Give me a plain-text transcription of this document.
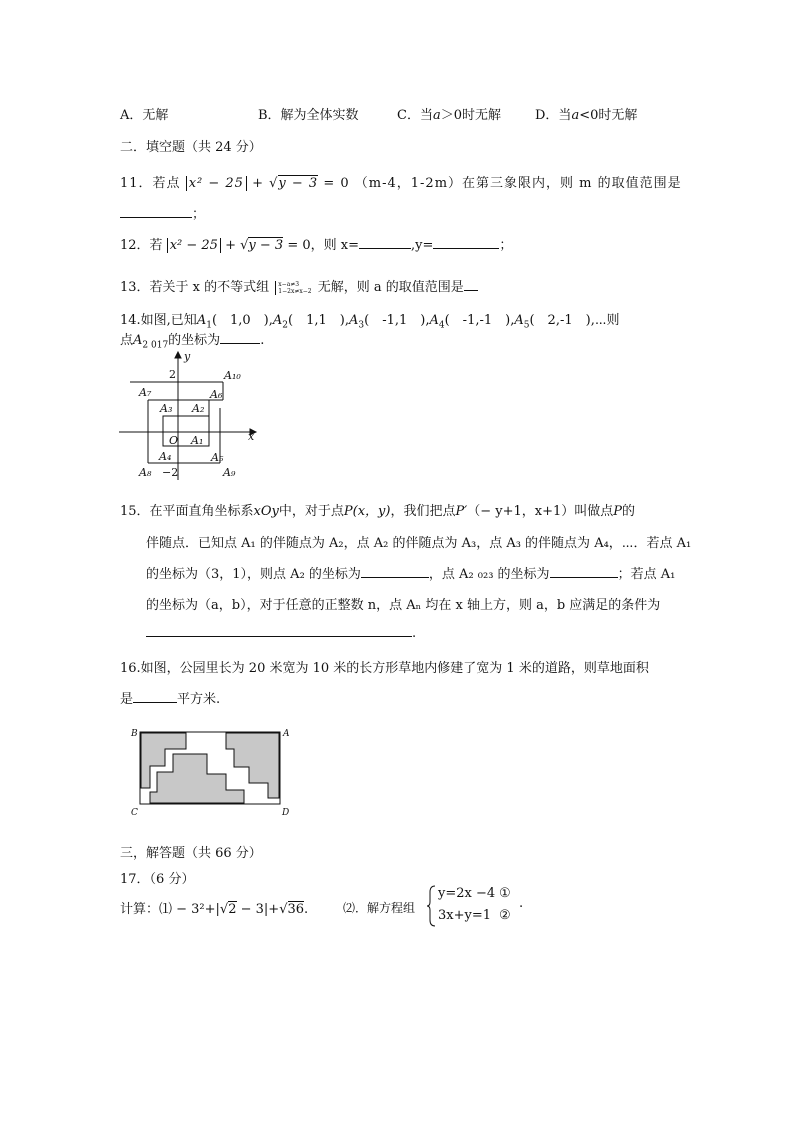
A．无解	B．解为全体实数	C．当a＞0时无解	D．当a<0时无解
二．填空题（共 24 分）
11．若点 x² − 25 + √y − 3 = 0 （m-4，1-2m）在第三象限内，则 m 的取值范围是
；
12．若 x² − 25 + √y − 3 = 0，则 x=	,y=	；
13．若关于 x 的不等式组 x−a≠3
1−2x≠x−2 无解，则 a 的取值范围是
14.如图,已知$A_1$(　1,0　)$,A_2$(　1,1　)$,A_3$(　-1,1　)$,A_4$(　-1,-1　)$,A_5$(　2,-1　),⋯则
点$A_{2 017}$的坐标为	.
y
x
2
−2
O A₁
A₂
A₃
A₄	A₅
A₆
A₇
A₈	A₉
A₁₀
15．在平面直角坐标系xOy中，对于点P(x，y)，我们把点P′（− y+1，x+1）叫做点P的
伴随点．已知点 A₁ 的伴随点为 A₂，点 A₂ 的伴随点为 A₃，点 A₃ 的伴随点为 A₄，⋯．若点 A₁
的坐标为（3，1），则点 A₂ 的坐标为	，点 A₂ ₀₂₃ 的坐标为	；若点 A₁
的坐标为（a，b），对于任意的正整数 n，点 Aₙ 均在 x 轴上方，则 a，b 应满足的条件为
.
16.如图，公园里长为 20 米宽为 10 米的长方形草地内修建了宽为 1 米的道路，则草地面积
是	平方米.
B	A
C	D
三，解答题（共 66 分）
17．（6 分）
计算：⑴ − 3²+|√2 − 3|+√36.	⑵．解方程组
y=2x −4 ①
3x+y=1 ②
.
